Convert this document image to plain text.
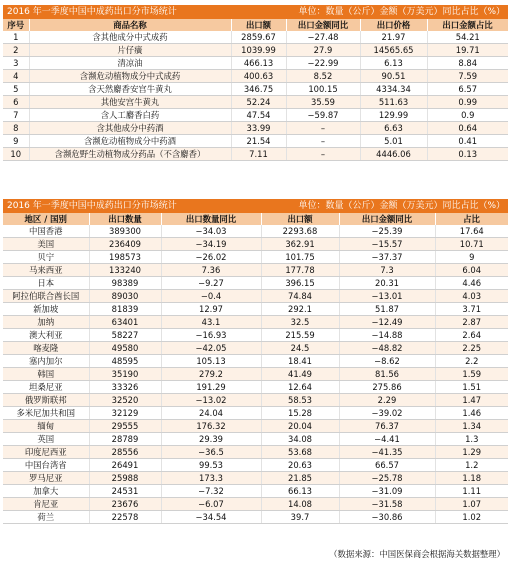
2016 年一季度中国中成药出口分市场统计			单位：数量（公斤）金额（万美元）同比占比（%）		
序号	商品名称	出口额	出口金额同比	出口价格	出口金额占比
1	含其他成分中式成药	2859.67	−27.48	21.97	54.21
2	片仔癀	1039.99	27.9	14565.65	19.71
3	清凉油	466.13	−22.99	6.13	8.84
4	含濒危动植物成分中式成药	400.63	8.52	90.51	7.59
5	含天然麝香安宫牛黄丸	346.75	100.15	4334.34	6.57
6	其他安宫牛黄丸	52.24	35.59	511.63	0.99
7	含人工麝香白药	47.54	−59.87	129.99	0.9
8	含其他成分中药酒	33.99	–	6.63	0.64
9	含濒危动植物成分中药酒	21.54	–	5.01	0.41
10	含濒危野生动植物成分药品（不含麝香）	7.11	–	4446.06	0.13
2016 年一季度中国中成药出口分市场统计			单位：数量（公斤）金额（万美元）同比占比（%）		
地区 / 国别	出口数量	出口数量同比	出口额	出口金额同比	占比
中国香港	389300	−34.03	2293.68	−25.39	17.64
美国	236409	−34.19	362.91	−15.57	10.71
贝宁	198573	−26.02	101.75	−37.37	9
马来西亚	133240	7.36	177.78	7.3	6.04
日本	98389	−9.27	396.15	20.31	4.46
阿拉伯联合酋长国	89030	−0.4	74.84	−13.01	4.03
新加坡	81839	12.97	292.1	51.87	3.71
加纳	63401	43.1	32.5	−12.49	2.87
澳大利亚	58227	−16.93	215.59	−14.88	2.64
喀麦隆	49580	−42.05	24.5	−48.82	2.25
塞内加尔	48595	105.13	18.41	−8.62	2.2
韩国	35190	279.2	41.49	81.56	1.59
坦桑尼亚	33326	191.29	12.64	275.86	1.51
俄罗斯联邦	32520	−13.02	58.53	2.29	1.47
多米尼加共和国	32129	24.04	15.28	−39.02	1.46
缅甸	29555	176.32	20.04	76.37	1.34
英国	28789	29.39	34.08	−4.41	1.3
印度尼西亚	28556	−36.5	53.68	−41.35	1.29
中国台湾省	26491	99.53	20.63	66.57	1.2
罗马尼亚	25988	173.3	21.85	−25.78	1.18
加拿大	24531	−7.32	66.13	−31.09	1.11
肯尼亚	23676	−6.07	14.08	−31.58	1.07
荷兰	22578	−34.54	39.7	−30.86	1.02
（数据来源：中国医保商会根据海关数据整理）
